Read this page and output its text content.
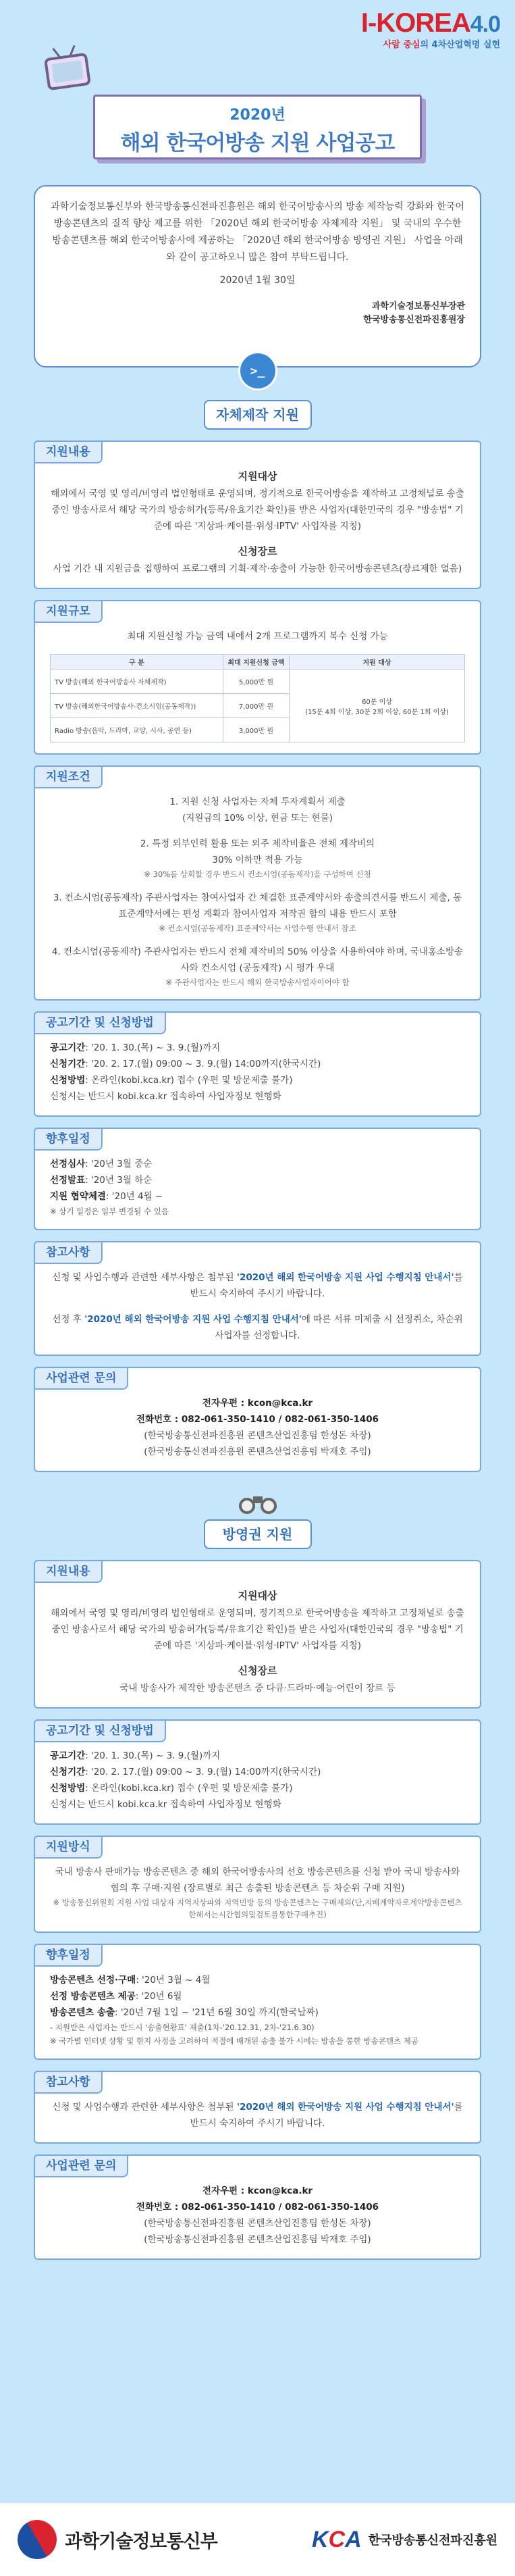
I-KOREA4.0
사람 중심의 4차산업혁명 실현
2020년
해외 한국어방송 지원 사업공고

과학기술정보통신부와 한국방송통신전파진흥원은 해외 한국어방송사의 방송 제작능력 강화와 한국어 방송콘텐츠의 질적 향상 제고를 위한 「2020년 해외 한국어방송 자체제작 지원」 및 국내의 우수한 방송콘텐츠를 해외 한국어방송사에 제공하는 「2020년 해외 한국어방송 방영권 지원」 사업을 아래와 같이 공고하오니 많은 참여 부탁드립니다.

2020년 1월 30일

과학기술정보통신부장관
한국방송통신전파진흥원장
>_
자체제작 지원
지원내용
지원대상
해외에서 국영 및 영리/비영리 법인형태로 운영되며, 정기적으로 한국어방송을 제작하고 고정채널로 송출중인 방송사로서 해당 국가의 방송허가(등록/유효기간 확인)를 받은 사업자(대한민국의 경우 "방송법" 기준에 따른 '지상파·케이블·위성·IPTV' 사업자를 지칭)
신청장르
사업 기간 내 지원금을 집행하여 프로그램의 기획·제작·송출이 가능한 한국어방송콘텐츠(장르제한 없음)
지원규모
최대 지원신청 가능 금액 내에서 2개 프로그램까지 복수 신청 가능
구 분	최대 지원신청 금액	지원 대상
TV 방송(해외 한국어방송사 자체제작)	5,000만 원	60분 이상
(15분 4회 이상, 30분 2회 이상, 60분 1회 이상)

TV 방송(해외한국어방송사-컨소시엄(공동제작))	7,000만 원	
Radio 방송(음악, 드라마, 교양, 시사, 공연 등)	3,000만 원	
지원조건
1. 지원 신청 사업자는 자체 투자계획서 제출
(지원금의 10% 이상, 현금 또는 현물)
2. 특정 외부인력 활용 또는 외주 제작비율은 전체 제작비의
30% 이하만 적용 가능
※ 30%를 상회할 경우 반드시 컨소시엄(공동제작)을 구성하여 신청
3. 컨소시엄(공동제작) 주관사업자는 참여사업자 간 체결한 표준계약서와 송출의견서를 반드시 제출, 동 표준계약서에는 편성 계획과 참여사업자 저작권 합의 내용 반드시 포함
※ 컨소시엄(공동제작) 표준계약서는 사업수행 안내서 참조
4. 컨소시엄(공동제작) 주관사업자는 반드시 전체 제작비의 50% 이상을 사용하여야 하며, 국내홍소방송사와 컨소시엄 (공동제작) 시 평가 우대
※ 주관사업자는 반드시 해외 한국방송사업자이어야 함
공고기간 및 신청방법
공고기간: '20. 1. 30.(목) ~ 3. 9.(월)까지
신청기간: '20. 2. 17.(월) 09:00 ~ 3. 9.(월) 14:00까지(한국시간)
신청방법: 온라인(kobi.kca.kr) 접수 (우편 및 방문제출 불가)
신청시는 반드시 kobi.kca.kr 접속하여 사업자정보 현행화
향후일정
선정심사: '20년 3월 중순
선정발표: '20년 3월 하순
지원 협약체결: '20년 4월 ~
※ 상기 일정은 일부 변경될 수 있음
참고사항
신청 및 사업수행과 관련한 세부사항은 첨부된 '2020년 해외 한국어방송 지원 사업 수행지침 안내서'를 반드시 숙지하여 주시기 바랍니다.
선정 후 '2020년 해외 한국어방송 지원 사업 수행지침 안내서'에 따른 서류 미제출 시 선정취소, 차순위 사업자를 선정합니다.
사업관련 문의
전자우편 : kcon@kca.kr
전화번호 : 082-061-350-1410 / 082-061-350-1406
(한국방송통신전파진흥원 콘텐츠산업진흥팀 한성돈 차장)
(한국방송통신전파진흥원 콘텐츠산업진흥팀 박재호 주임)
방영권 지원
지원내용
지원대상
해외에서 국영 및 영리/비영리 법인형태로 운영되며, 정기적으로 한국어방송을 제작하고 고정채널로 송출중인 방송사로서 해당 국가의 방송허가(등록/유효기간 확인)를 받은 사업자(대한민국의 경우 "방송법" 기준에 따른 '지상파·케이블·위성·IPTV' 사업자를 지칭)
신청장르
국내 방송사가 제작한 방송콘텐츠 중 다큐·드라마·예능·어린이 장르 등
공고기간 및 신청방법
공고기간: '20. 1. 30.(목) ~ 3. 9.(월)까지
신청기간: '20. 2. 17.(월) 09:00 ~ 3. 9.(월) 14:00까지(한국시간)
신청방법: 온라인(kobi.kca.kr) 접수 (우편 및 방문제출 불가)
신청시는 반드시 kobi.kca.kr 접속하여 사업자정보 현행화
지원방식
국내 방송사 판매가능 방송콘텐츠 중 해외 한국어방송사의 선호 방송콘텐츠를 신청 받아 국내 방송사와 협의 후 구매·지원 (장르별로 최근 송출된 방송콘텐츠 등 차순위 구매 지원)
※ 방송통신위원회 지원 사업 대상자 지역지상파와 지역민방 등의 방송콘텐츠는 구매제외(단,지배계약자로계약방송콘텐츠한해서는시간협의및검토를통한구매추진)
향후일정
방송콘텐츠 선정·구매: '20년 3월 ~ 4월
선정 방송콘텐츠 제공: '20년 6월
방송콘텐츠 송출: '20년 7월 1일 ~ '21년 6월 30일 까지(한국날짜)
- 지원받은 사업자는 반드시 '송출현황표' 제출(1차-'20.12.31, 2차-'21.6.30)
※ 국가별 인터넷 상황 및 현지 사정을 고려하여 적절에 배개된 송출 불가 시에는 방송을 통한 방송콘텐츠 제공
참고사항
신청 및 사업수행과 관련한 세부사항은 첨부된 '2020년 해외 한국어방송 지원 사업 수행지침 안내서'를 반드시 숙지하여 주시기 바랍니다.
사업관련 문의
전자우편 : kcon@kca.kr
전화번호 : 082-061-350-1410 / 082-061-350-1406
(한국방송통신전파진흥원 콘텐츠산업진흥팀 한성돈 차장)
(한국방송통신전파진흥원 콘텐츠산업진흥팀 박재호 주임)
과학기술정보통신부	KCA 한국방송통신전파진흥원
